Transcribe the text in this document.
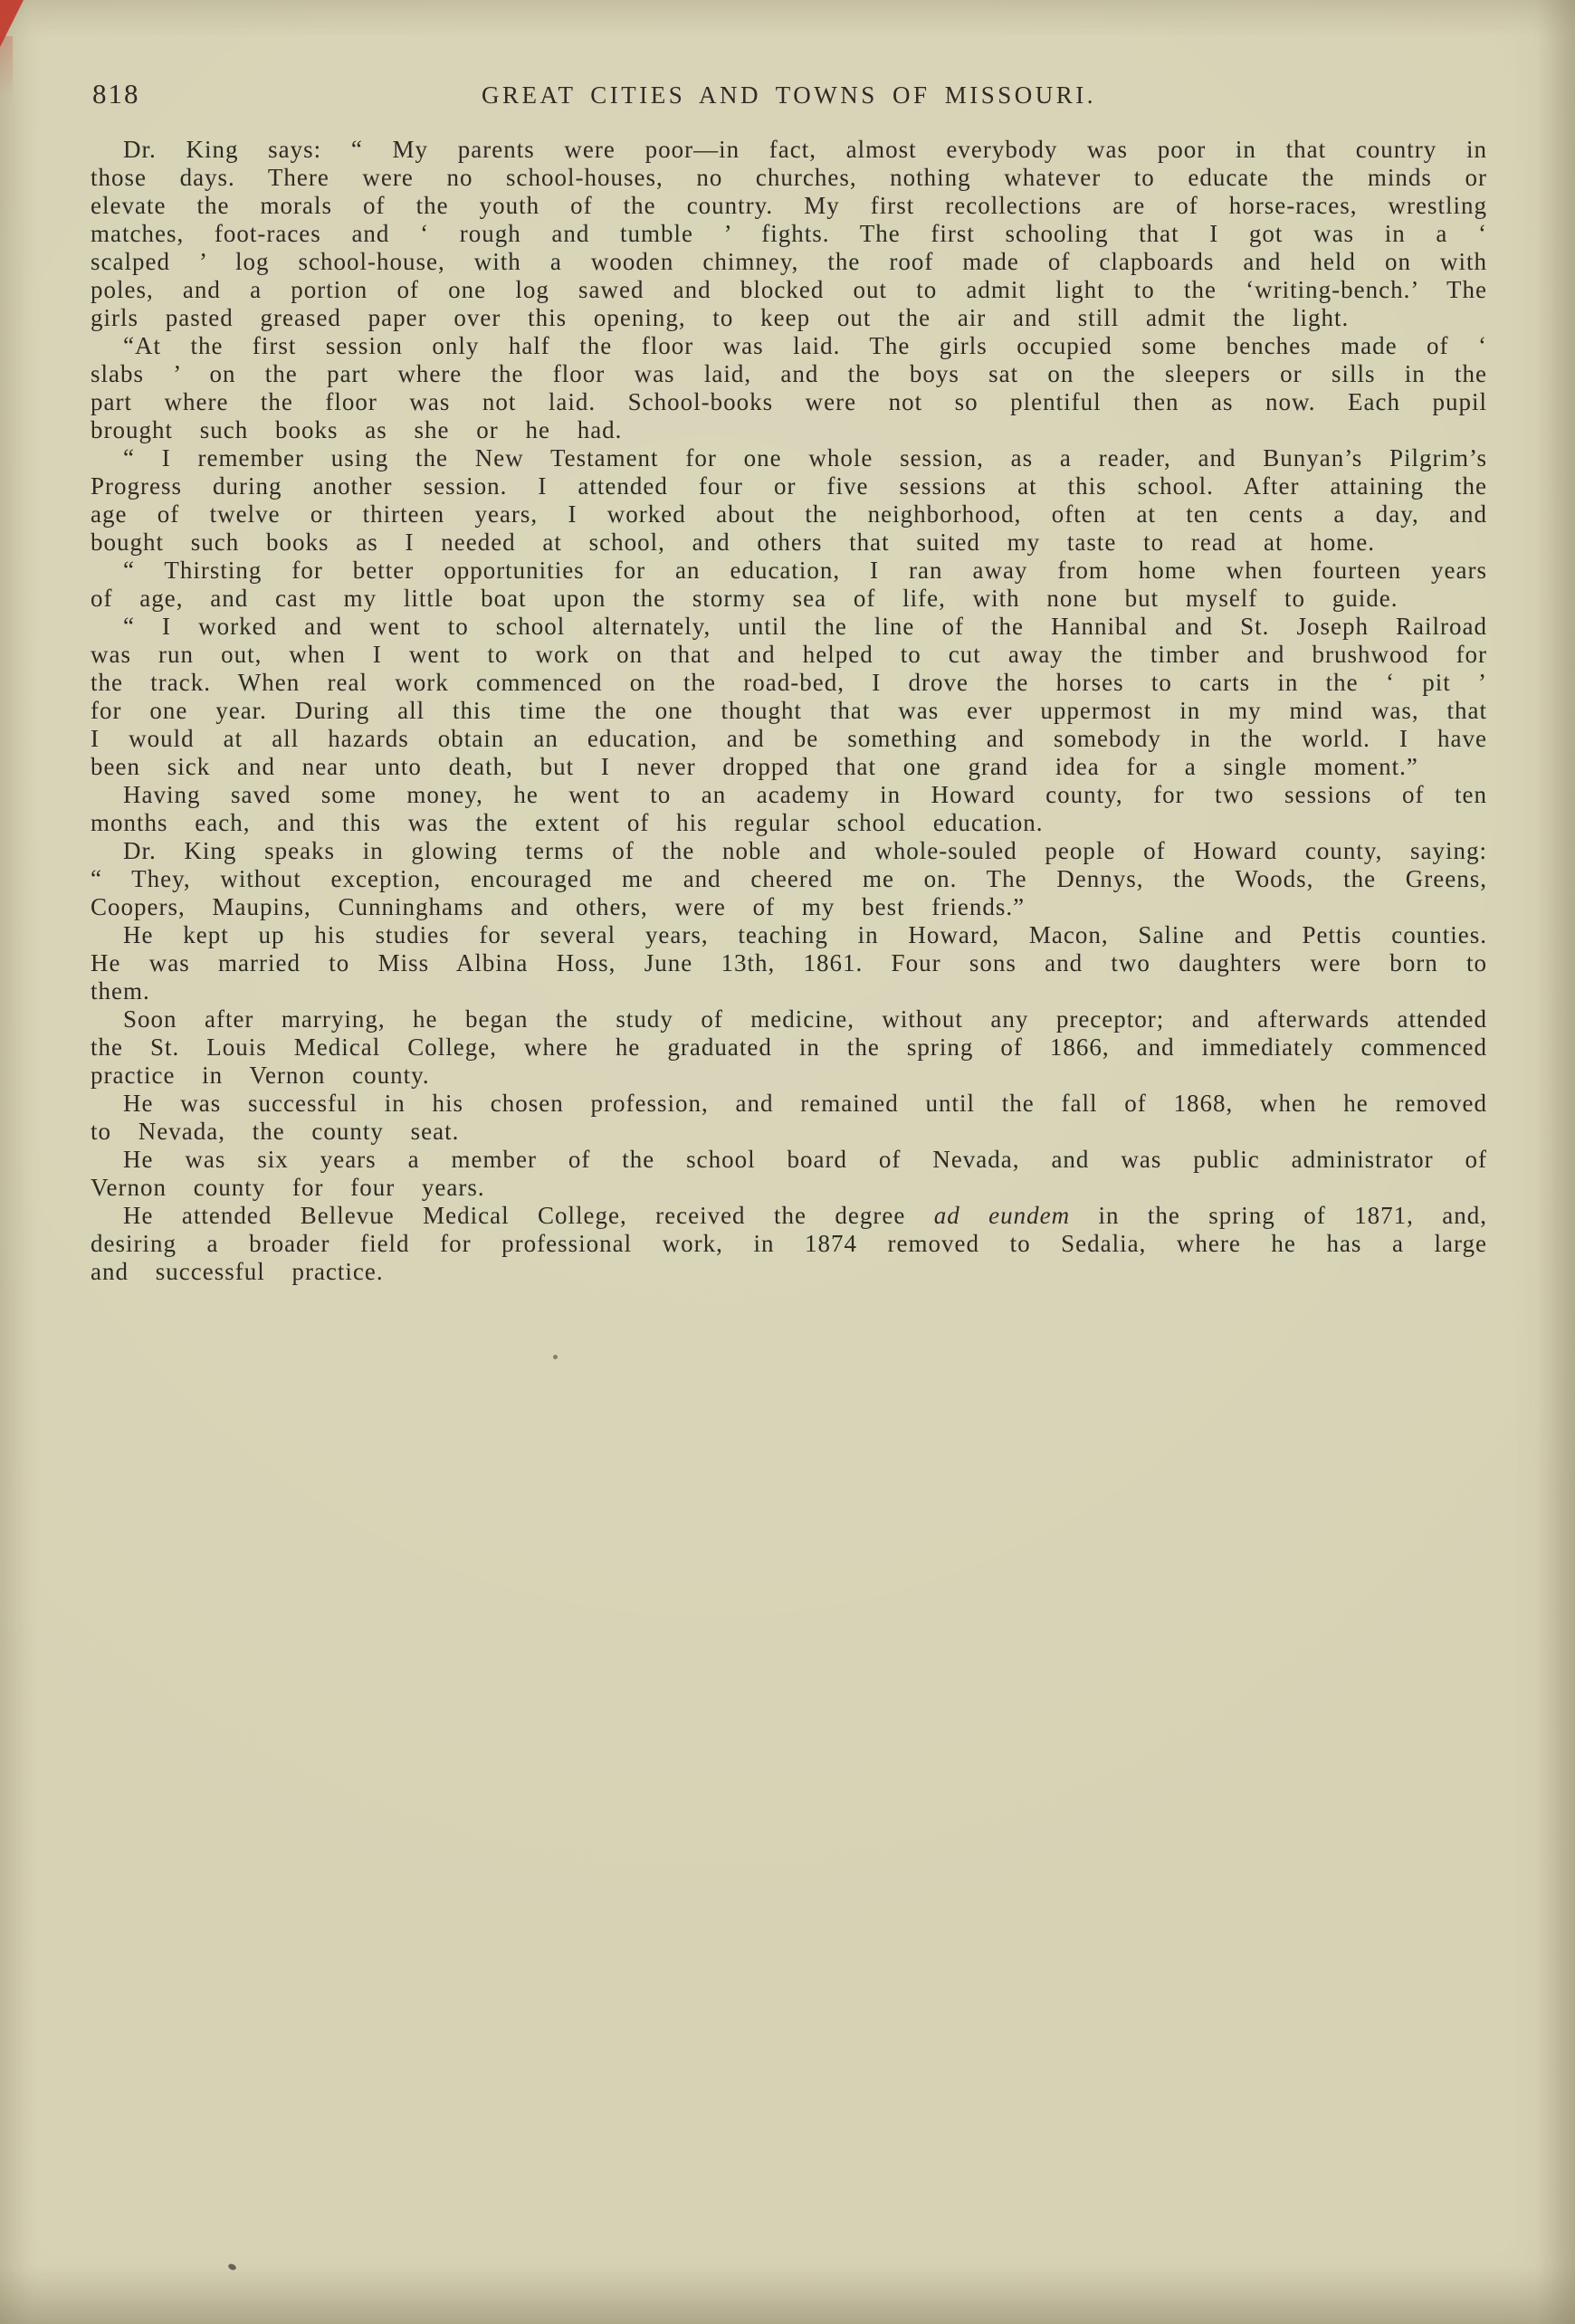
818	GREAT CITIES AND TOWNS OF MISSOURI.

Dr. King says: “ My parents were poor—in fact, almost everybody was poor in that country in those days. There were no school-houses, no churches, nothing whatever to educate the minds or elevate the morals of the youth of the country. My first recollections are of horse-races, wrestling matches, foot-races and ‘ rough and tumble ’ fights. The first schooling that I got was in a ‘ scalped ’ log school-house, with a wooden chimney, the roof made of clapboards and held on with poles, and a portion of one log sawed and blocked out to admit light to the ‘writing-bench.’ The girls pasted greased paper over this opening, to keep out the air and still admit the light.

“At the first session only half the floor was laid. The girls occupied some benches made of ‘ slabs ’ on the part where the floor was laid, and the boys sat on the sleepers or sills in the part where the floor was not laid. School-books were not so plentiful then as now. Each pupil brought such books as she or he had.

“ I remember using the New Testament for one whole session, as a reader, and Bunyan’s Pilgrim’s Progress during another session. I attended four or five sessions at this school. After attaining the age of twelve or thirteen years, I worked about the neighborhood, often at ten cents a day, and bought such books as I needed at school, and others that suited my taste to read at home.

“ Thirsting for better opportunities for an education, I ran away from home when fourteen years of age, and cast my little boat upon the stormy sea of life, with none but myself to guide.

“ I worked and went to school alternately, until the line of the Hannibal and St. Joseph Railroad was run out, when I went to work on that and helped to cut away the timber and brushwood for the track. When real work commenced on the road-bed, I drove the horses to carts in the ‘ pit ’ for one year. During all this time the one thought that was ever uppermost in my mind was, that I would at all hazards obtain an education, and be something and somebody in the world. I have been sick and near unto death, but I never dropped that one grand idea for a single moment.”

Having saved some money, he went to an academy in Howard county, for two sessions of ten months each, and this was the extent of his regular school education.

Dr. King speaks in glowing terms of the noble and whole-souled people of Howard county, saying: “ They, without exception, encouraged me and cheered me on. The Dennys, the Woods, the Greens, Coopers, Maupins, Cunninghams and others, were of my best friends.”

He kept up his studies for several years, teaching in Howard, Macon, Saline and Pettis counties. He was married to Miss Albina Hoss, June 13th, 1861. Four sons and two daughters were born to them.

Soon after marrying, he began the study of medicine, without any preceptor; and afterwards attended the St. Louis Medical College, where he graduated in the spring of 1866, and immediately commenced practice in Vernon county.

He was successful in his chosen profession, and remained until the fall of 1868, when he removed to Nevada, the county seat.

He was six years a member of the school board of Nevada, and was public administrator of Vernon county for four years.

He attended Bellevue Medical College, received the degree ad eundem in the spring of 1871, and, desiring a broader field for professional work, in 1874 removed to Sedalia, where he has a large and successful practice.
